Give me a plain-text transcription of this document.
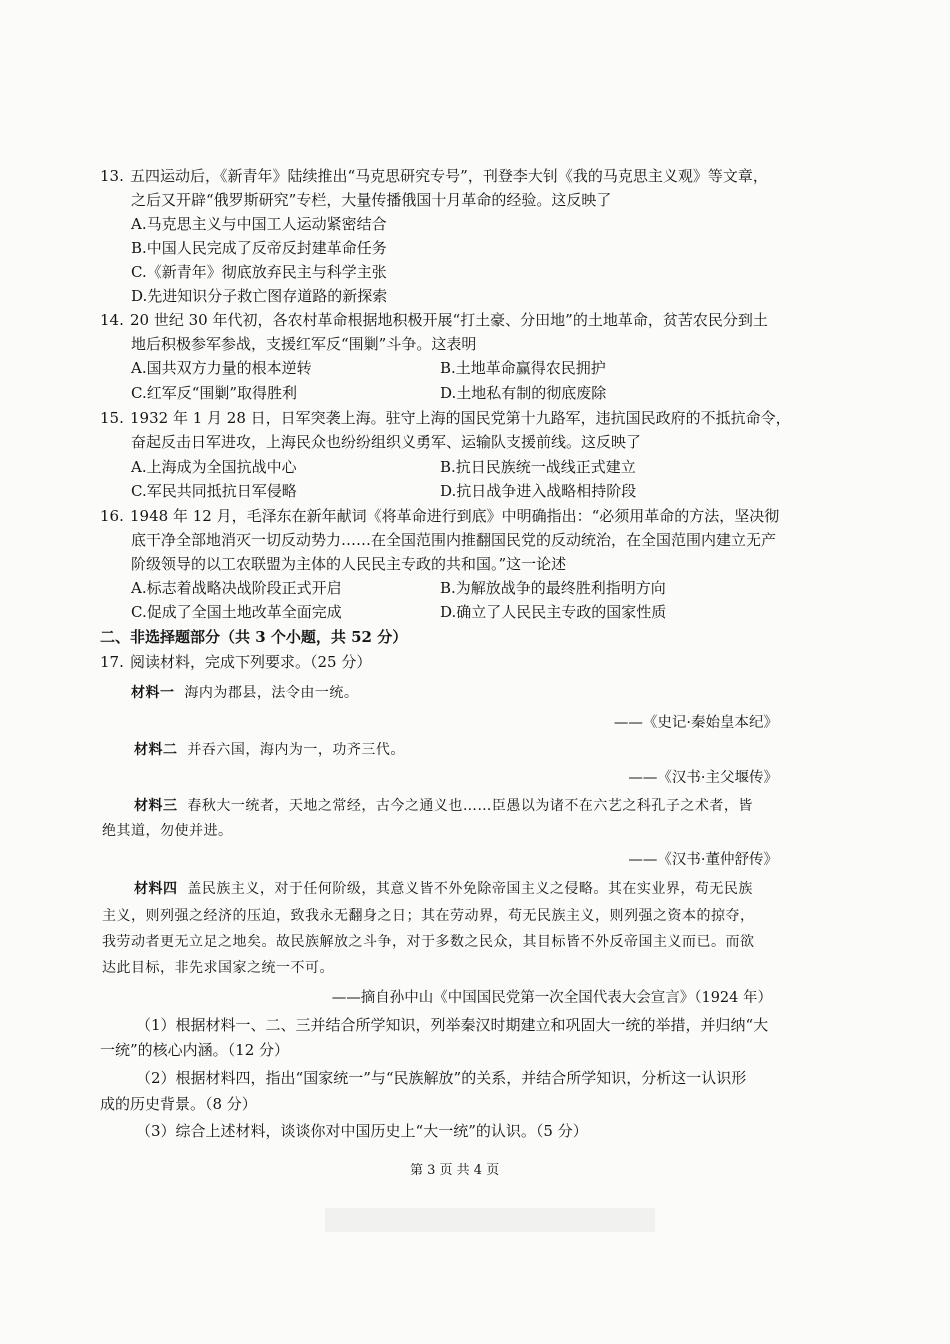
13. 五四运动后，《新青年》陆续推出“马克思研究专号”，刊登李大钊《我的马克思主义观》等文章，
之后又开辟“俄罗斯研究”专栏，大量传播俄国十月革命的经验。这反映了
A.马克思主义与中国工人运动紧密结合
B.中国人民完成了反帝反封建革命任务
C.《新青年》彻底放弃民主与科学主张
D.先进知识分子救亡图存道路的新探索
14. 20 世纪 30 年代初，各农村革命根据地积极开展“打土豪、分田地”的土地革命，贫苦农民分到土
地后积极参军参战，支援红军反“围剿”斗争。这表明
A.国共双方力量的根本逆转	B.土地革命赢得农民拥护
C.红军反“围剿”取得胜利	D.土地私有制的彻底废除
15. 1932 年 1 月 28 日，日军突袭上海。驻守上海的国民党第十九路军，违抗国民政府的不抵抗命令，
奋起反击日军进攻，上海民众也纷纷组织义勇军、运输队支援前线。这反映了
A.上海成为全国抗战中心	B.抗日民族统一战线正式建立
C.军民共同抵抗日军侵略	D.抗日战争进入战略相持阶段
16. 1948 年 12 月，毛泽东在新年献词《将革命进行到底》中明确指出：“必须用革命的方法，坚决彻
底干净全部地消灭一切反动势力……在全国范围内推翻国民党的反动统治，在全国范围内建立无产
阶级领导的以工农联盟为主体的人民民主专政的共和国。”这一论述
A.标志着战略决战阶段正式开启	B.为解放战争的最终胜利指明方向
C.促成了全国土地改革全面完成	D.确立了人民民主专政的国家性质
二、非选择题部分（共 3 个小题，共 52 分）
17. 阅读材料，完成下列要求。（25 分）
材料一 海内为郡县，法令由一统。
——《史记·秦始皇本纪》
材料二 并吞六国，海内为一，功齐三代。
——《汉书·主父堰传》
材料三 春秋大一统者，天地之常经，古今之通义也……臣愚以为诸不在六艺之科孔子之术者，皆
绝其道，勿使并进。
——《汉书·董仲舒传》
材料四 盖民族主义，对于任何阶级，其意义皆不外免除帝国主义之侵略。其在实业界，苟无民族
主义，则列强之经济的压迫，致我永无翻身之日；其在劳动界，苟无民族主义，则列强之资本的掠夺，
我劳动者更无立足之地矣。故民族解放之斗争，对于多数之民众，其目标皆不外反帝国主义而已。而欲
达此目标，非先求国家之统一不可。
——摘自孙中山《中国国民党第一次全国代表大会宣言》（1924 年）
（1）根据材料一、二、三并结合所学知识，列举秦汉时期建立和巩固大一统的举措，并归纳“大
一统”的核心内涵。（12 分）
（2）根据材料四，指出“国家统一”与“民族解放”的关系，并结合所学知识，分析这一认识形
成的历史背景。（8 分）
（3）综合上述材料，谈谈你对中国历史上“大一统”的认识。（5 分）
第 3 页 共 4 页
